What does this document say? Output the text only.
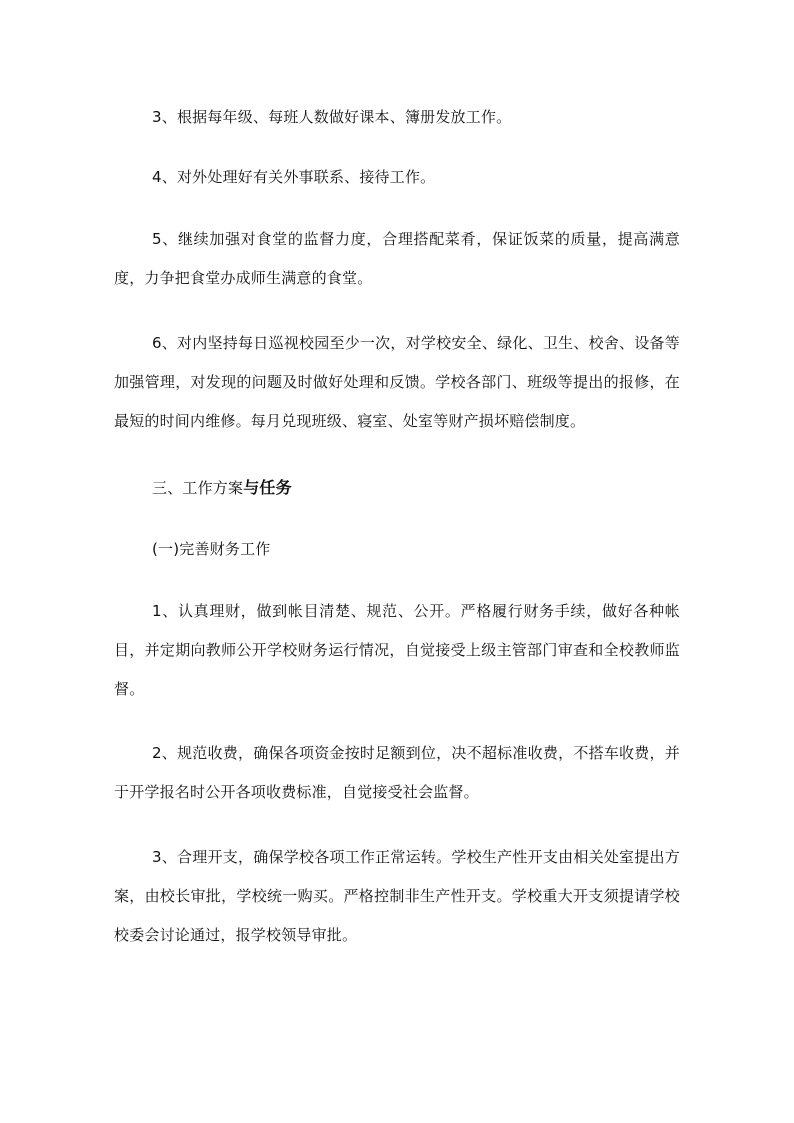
3、根据每年级、每班人数做好课本、簿册发放工作。

4、对外处理好有关外事联系、接待工作。

5、继续加强对食堂的监督力度，合理搭配菜肴，保证饭菜的质量，提高满意度，力争把食堂办成师生满意的食堂。

6、对内坚持每日巡视校园至少一次，对学校安全、绿化、卫生、校舍、设备等加强管理，对发现的问题及时做好处理和反馈。学校各部门、班级等提出的报修，在最短的时间内维修。每月兑现班级、寝室、处室等财产损坏赔偿制度。

三、工作方案与任务

(一)完善财务工作

1、认真理财，做到帐目清楚、规范、公开。严格履行财务手续，做好各种帐目，并定期向教师公开学校财务运行情况，自觉接受上级主管部门审查和全校教师监督。

2、规范收费，确保各项资金按时足额到位，决不超标准收费，不搭车收费，并于开学报名时公开各项收费标准，自觉接受社会监督。

3、合理开支，确保学校各项工作正常运转。学校生产性开支由相关处室提出方案，由校长审批，学校统一购买。严格控制非生产性开支。学校重大开支须提请学校校委会讨论通过，报学校领导审批。
